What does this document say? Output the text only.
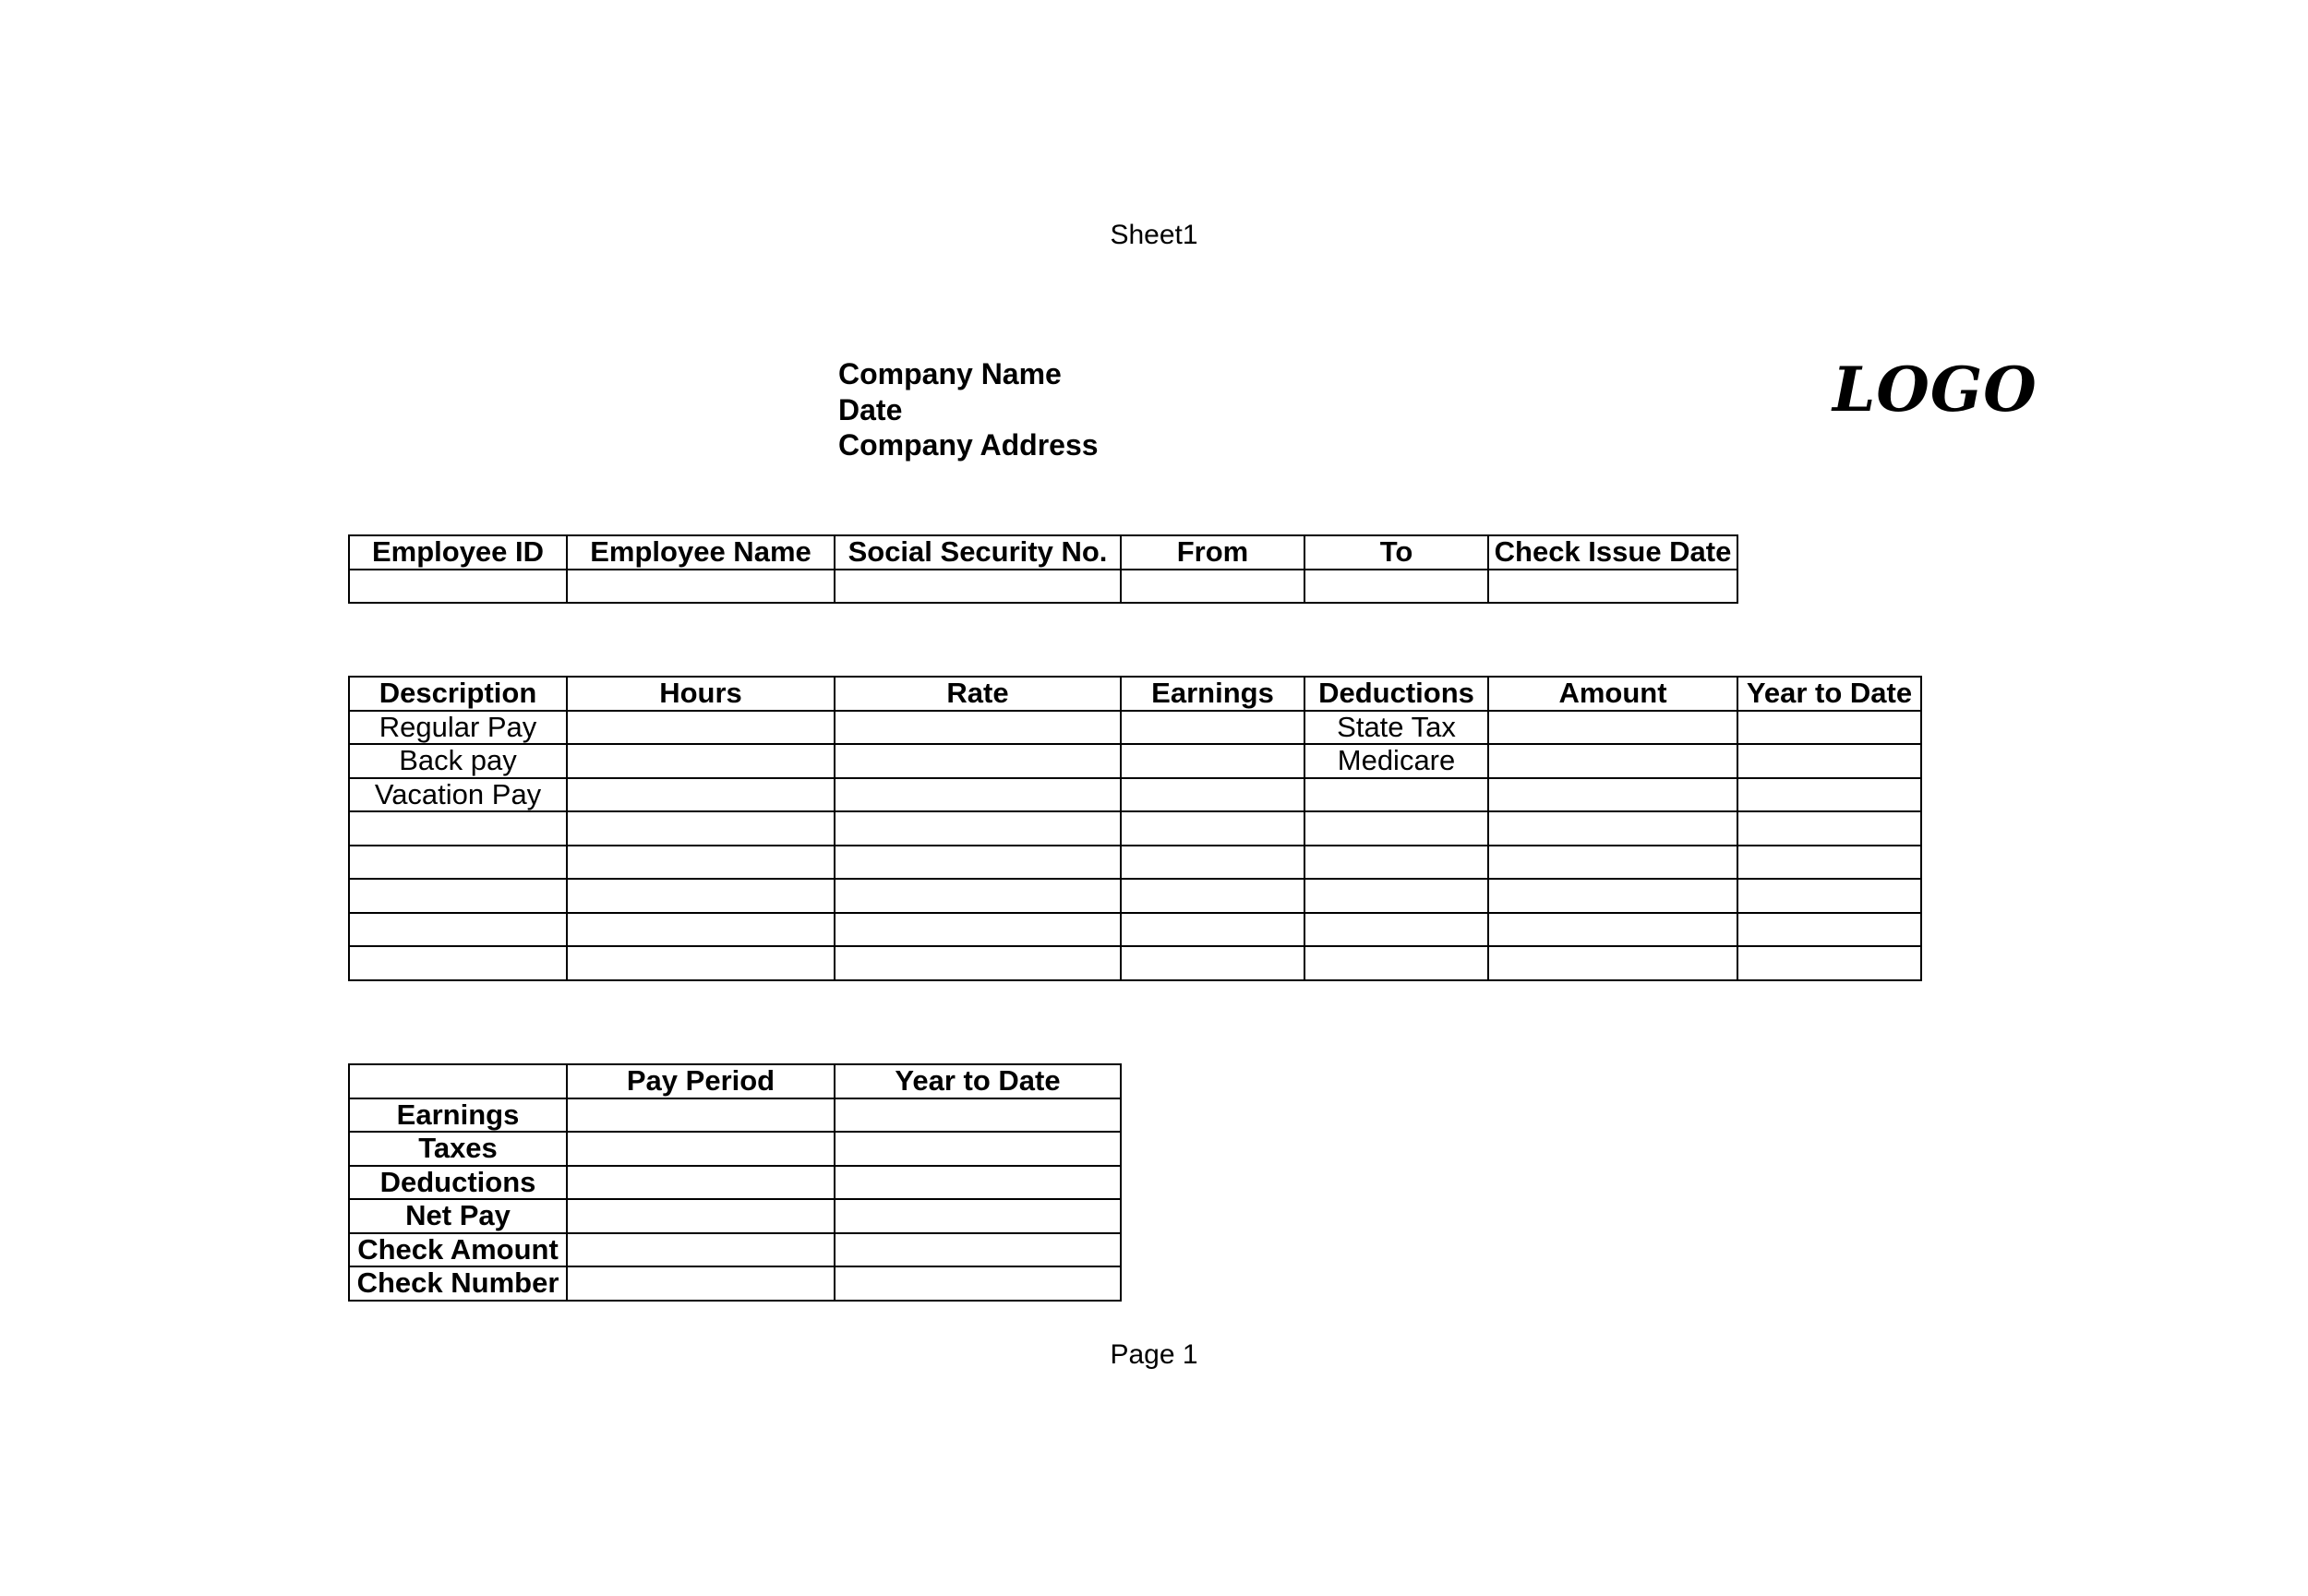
Sheet1
Company Name
Date
Company Address
LOGO
Employee ID	Employee Name	Social Security No.	From	To	Check Issue Date

Description	Hours	Rate	Earnings	Deductions	Amount	Year to Date
Regular Pay				State Tax		
Back pay				Medicare		
Vacation Pay						

	Pay Period	Year to Date
Earnings		
Taxes		
Deductions		
Net Pay		
Check Amount		
Check Number		
Page 1
